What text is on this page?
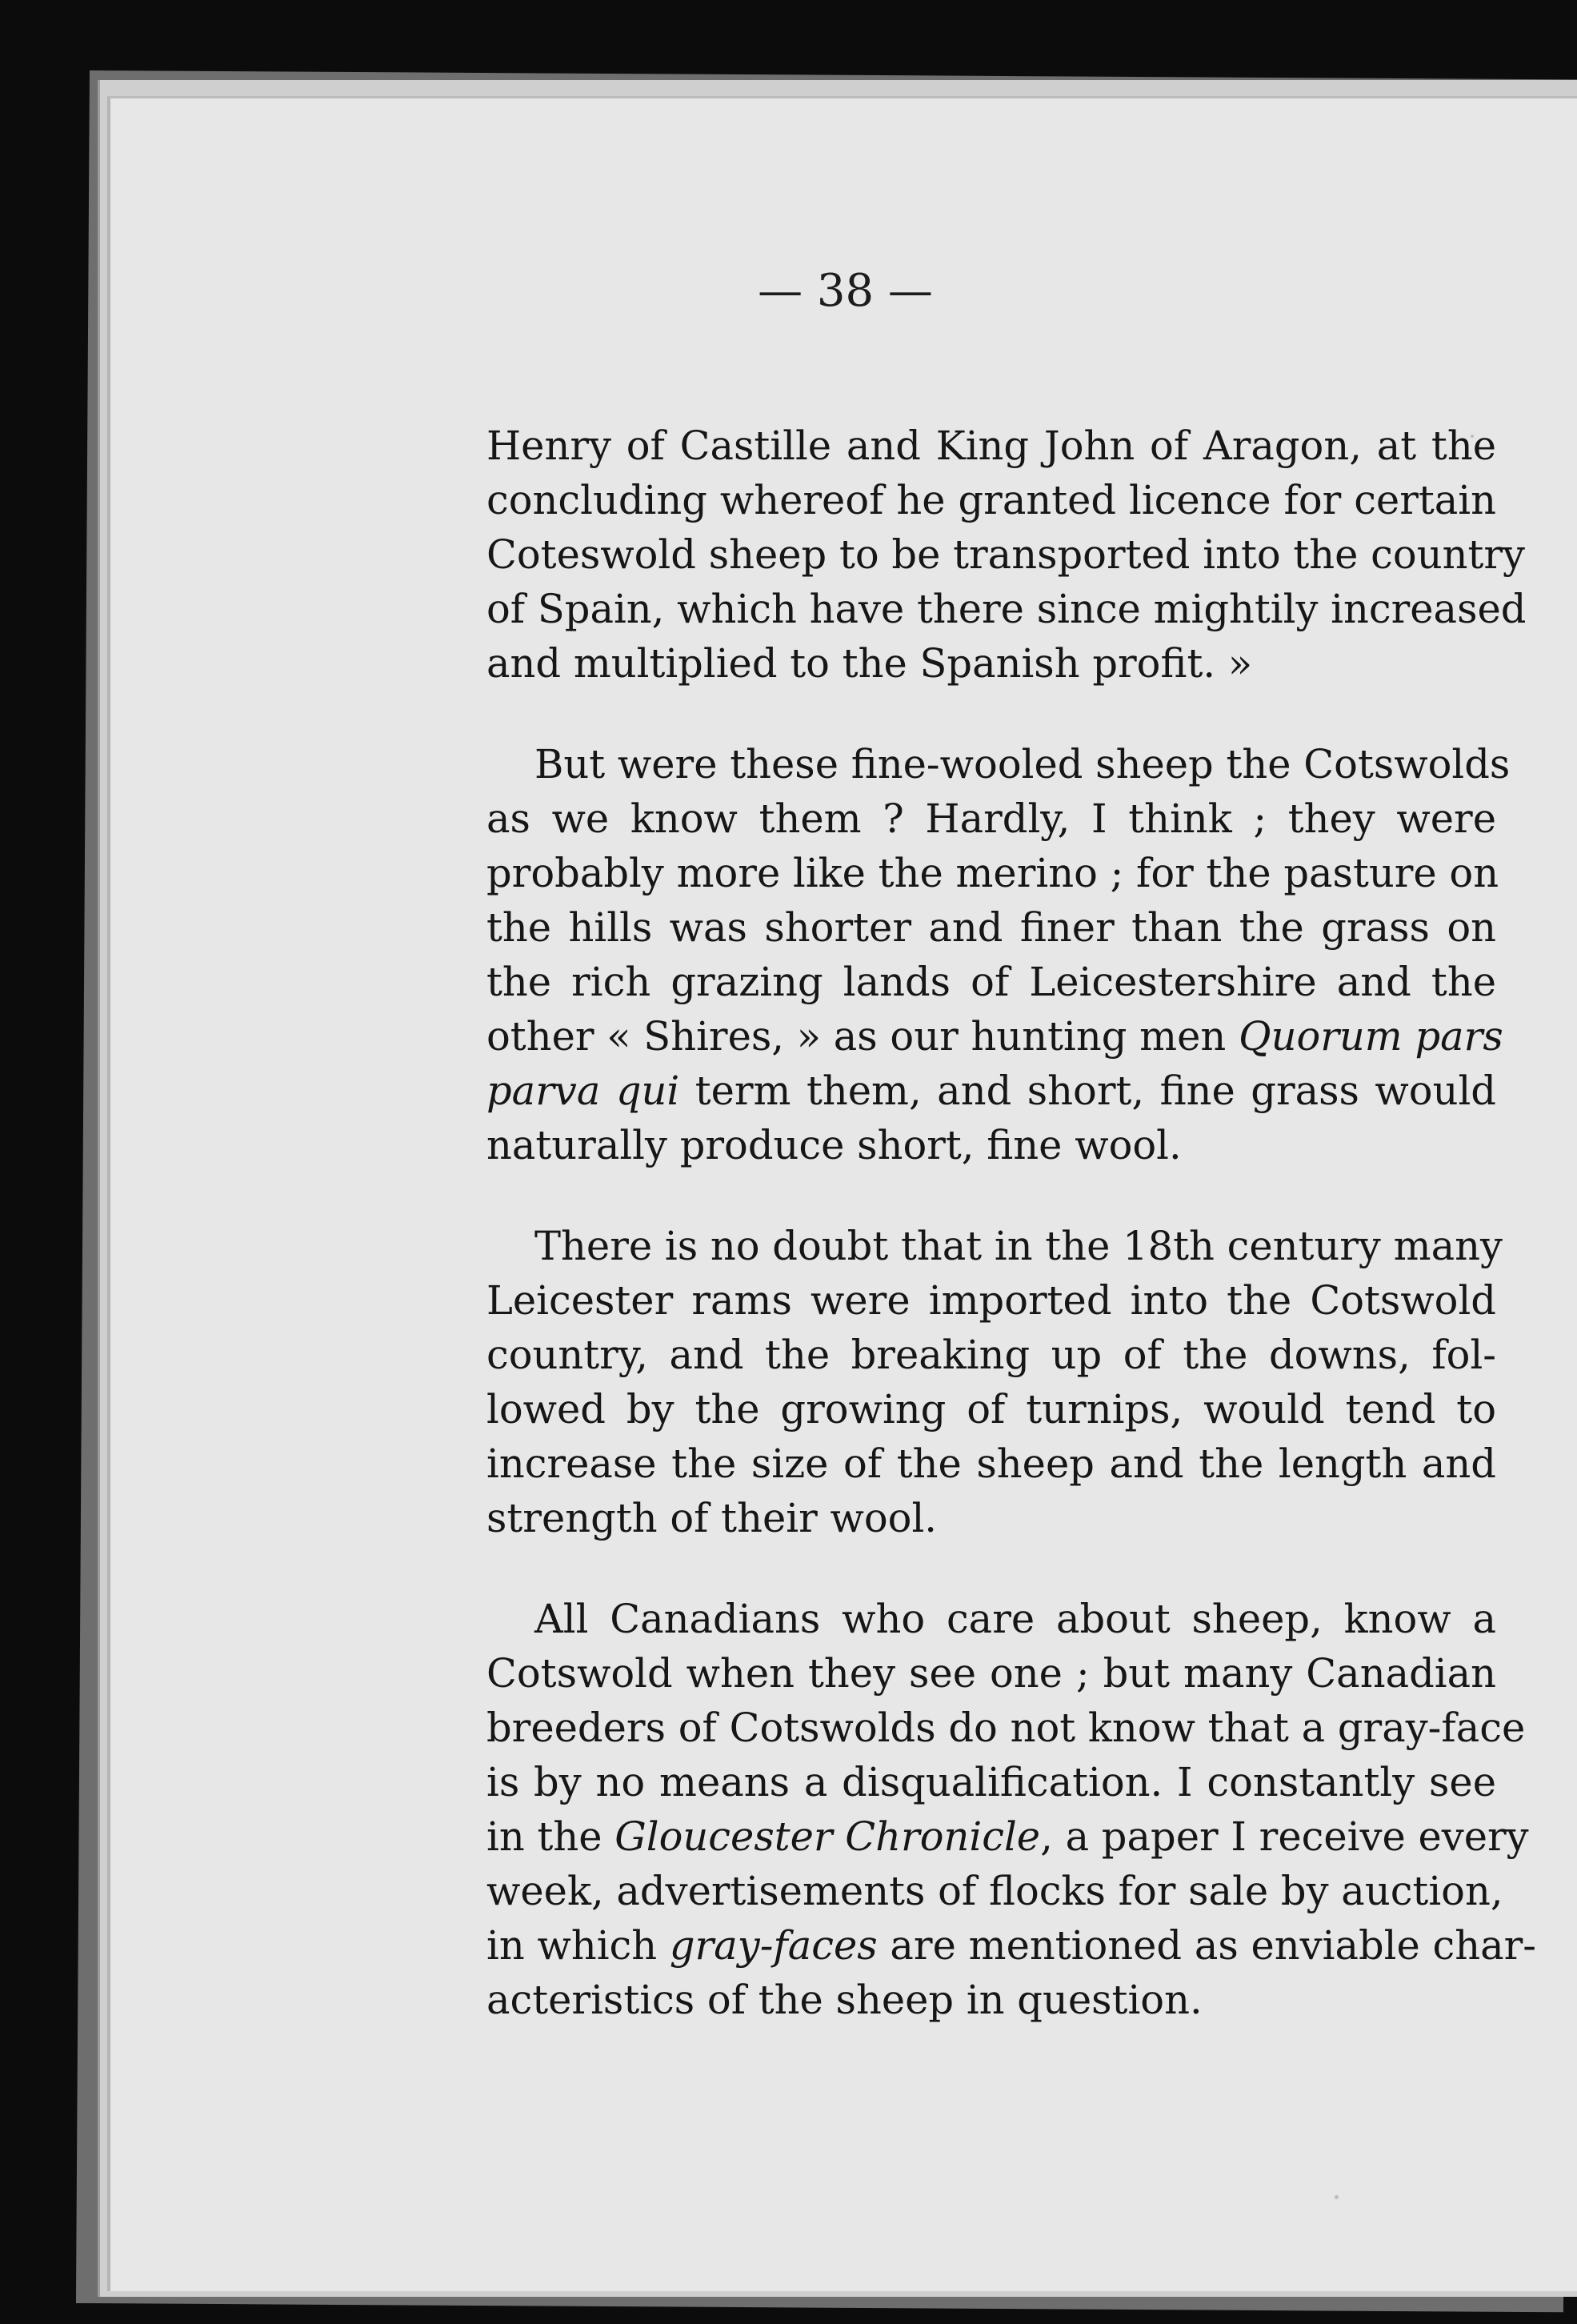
— 38 —
Henry of Castille and King John of Aragon, at the
concluding whereof he granted licence for certain
Coteswold sheep to be transported into the country
of Spain, which have there since mightily increased
and multiplied to the Spanish profit. »
But were these fine-wooled sheep the Cotswolds
as we know them ? Hardly, I think ; they were
probably more like the merino ; for the pasture on
the hills was shorter and finer than the grass on
the rich grazing lands of Leicestershire and the
other « Shires, » as our hunting men Quorum pars
parva qui term them, and short, fine grass would
naturally produce short, fine wool.
There is no doubt that in the 18th century many
Leicester rams were imported into the Cotswold
country, and the breaking up of the downs, fol-
lowed by the growing of turnips, would tend to
increase the size of the sheep and the length and
strength of their wool.
All Canadians who care about sheep, know a
Cotswold when they see one ; but many Canadian
breeders of Cotswolds do not know that a gray-face
is by no means a disqualification. I constantly see
in the Gloucester Chronicle, a paper I receive every
week, advertisements of flocks for sale by auction,
in which gray-faces are mentioned as enviable char-
acteristics of the sheep in question.
